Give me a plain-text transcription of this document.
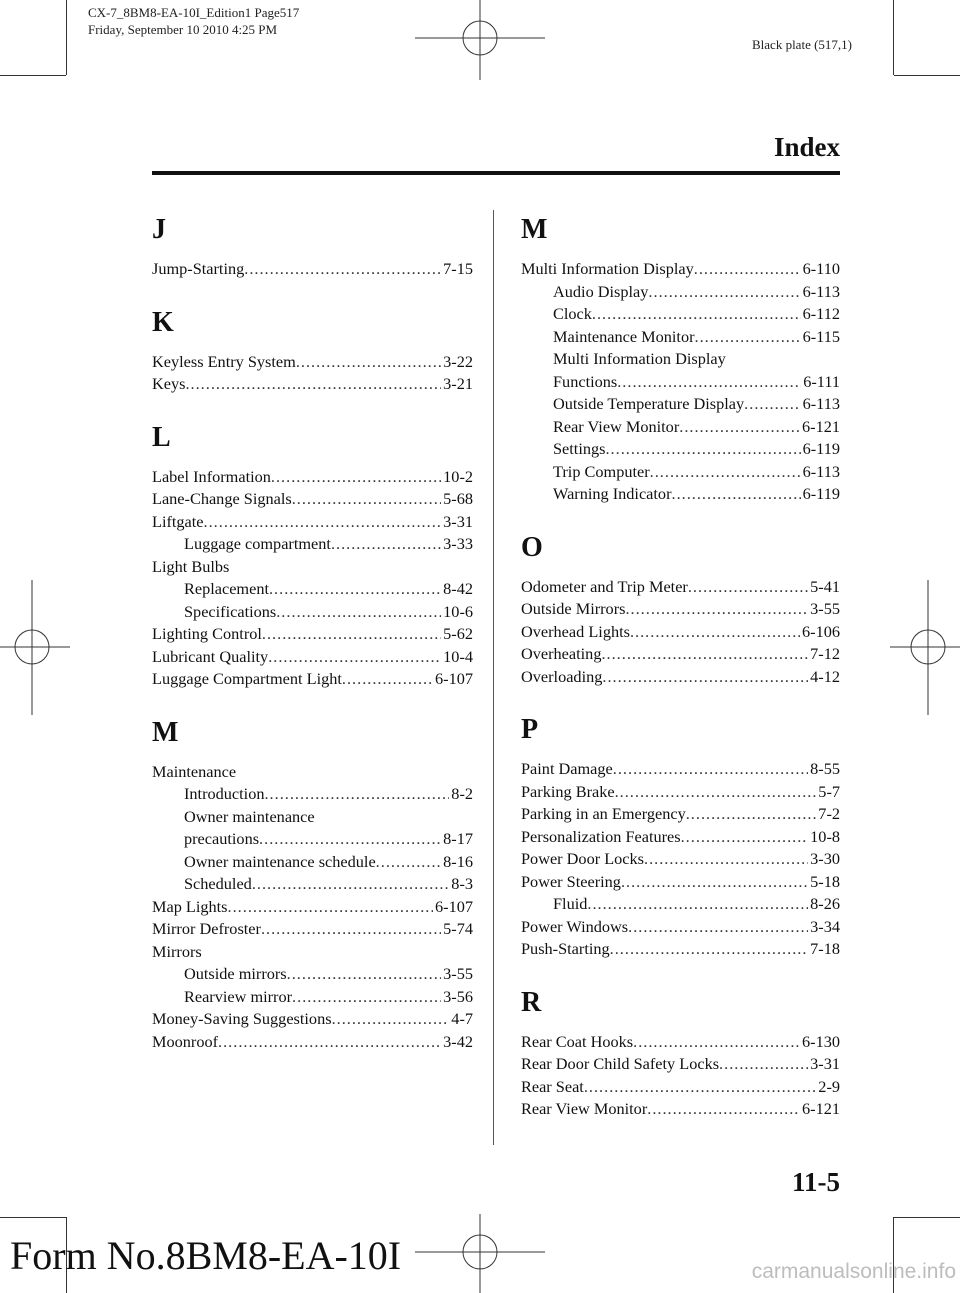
CX-7_8BM8-EA-10I_Edition1 Page517
Friday, September 10 2010 4:25 PM
Black plate (517,1)
Index
J
Jump-Starting .....	7-15
K
Keyless Entry System .....	3-22
Keys .....	3-21
L
Label Information .....	10-2
Lane-Change Signals .....	5-68
Liftgate .....	3-31
Luggage compartment .....	3-33
Light Bulbs
Replacement .....	8-42
Specifications .....	10-6
Lighting Control .....	5-62
Lubricant Quality .....	10-4
Luggage Compartment Light .....	6-107
M
Maintenance
Introduction .....	8-2
Owner maintenance
precautions .....	8-17
Owner maintenance schedule .....	8-16
Scheduled .....	8-3
Map Lights .....	6-107
Mirror Defroster .....	5-74
Mirrors
Outside mirrors .....	3-55
Rearview mirror .....	3-56
Money-Saving Suggestions .....	4-7
Moonroof .....	3-42
M
Multi Information Display .....	6-110
Audio Display .....	6-113
Clock .....	6-112
Maintenance Monitor .....	6-115
Multi Information Display
Functions .....	6-111
Outside Temperature Display .....	6-113
Rear View Monitor .....	6-121
Settings .....	6-119
Trip Computer .....	6-113
Warning Indicator .....	6-119
O
Odometer and Trip Meter .....	5-41
Outside Mirrors .....	3-55
Overhead Lights .....	6-106
Overheating .....	7-12
Overloading .....	4-12
P
Paint Damage .....	8-55
Parking Brake .....	5-7
Parking in an Emergency .....	7-2
Personalization Features .....	10-8
Power Door Locks .....	3-30
Power Steering .....	5-18
Fluid .....	8-26
Power Windows .....	3-34
Push-Starting .....	7-18
R
Rear Coat Hooks .....	6-130
Rear Door Child Safety Locks .....	3-31
Rear Seat .....	2-9
Rear View Monitor .....	6-121
11-5
Form No.8BM8-EA-10I	carmanualsonline.info
